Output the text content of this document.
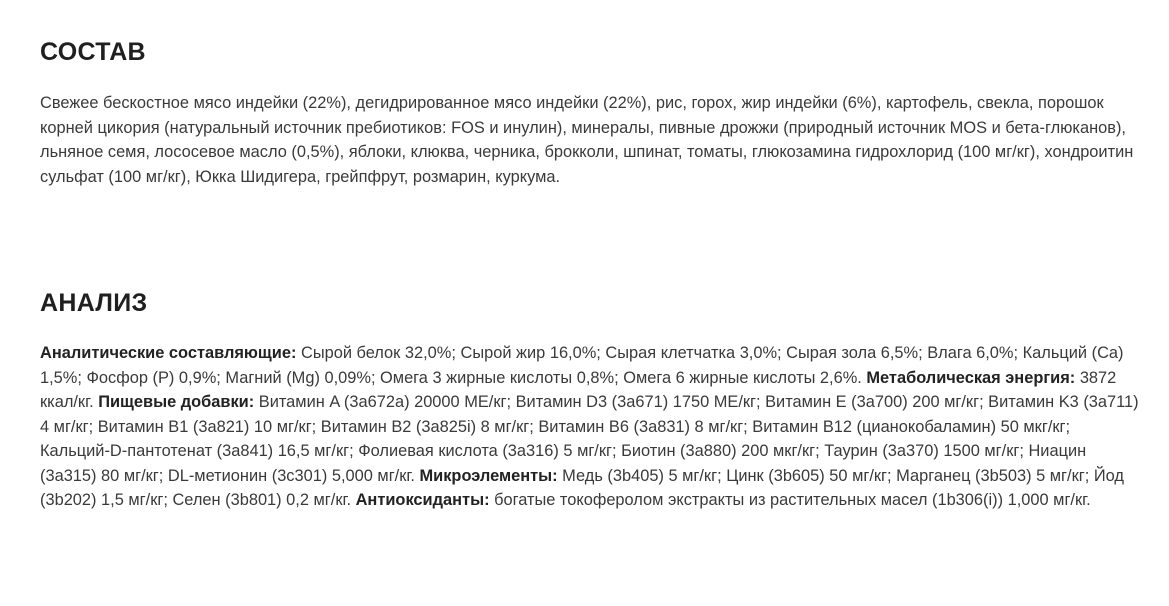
СОСТАВ

Свежее бескостное мясо индейки (22%), дегидрированное мясо индейки (22%), рис, горох, жир индейки (6%), картофель, свекла, порошок корней цикория (натуральный источник пребиотиков: FOS и инулин), минералы, пивные дрожжи (природный источник MOS и бета-глюканов), льняное семя, лососевое масло (0,5%), яблоки, клюква, черника, брокколи, шпинат, томаты, глюкозамина гидрохлорид (100 мг/кг), хондроитин сульфат (100 мг/кг), Юкка Шидигера, грейпфрут, розмарин, куркума.

АНАЛИЗ

Аналитические составляющие: Сырой белок 32,0%; Сырой жир 16,0%; Сырая клетчатка 3,0%; Сырая зола 6,5%; Влага 6,0%; Кальций (Ca) 1,5%; Фосфор (P) 0,9%; Магний (Mg) 0,09%; Омега 3 жирные кислоты 0,8%; Омега 6 жирные кислоты 2,6%. Метаболическая энергия: 3872 ккал/кг. Пищевые добавки: Витамин A (3a672a) 20000 МЕ/кг; Витамин D3 (3a671) 1750 МЕ/кг; Витамин E (3a700) 200 мг/кг; Витамин K3 (3a711) 4 мг/кг; Витамин B1 (3a821) 10 мг/кг; Витамин B2 (3a825i) 8 мг/кг; Витамин B6 (3a831) 8 мг/кг; Витамин B12 (цианокобаламин) 50 мкг/кг; Кальций-D-пантотенат (3a841) 16,5 мг/кг; Фолиевая кислота (3a316) 5 мг/кг; Биотин (3a880) 200 мкг/кг; Таурин (3a370) 1500 мг/кг; Ниацин (3a315) 80 мг/кг; DL-метионин (3c301) 5,000 мг/кг. Микроэлементы: Медь (3b405) 5 мг/кг; Цинк (3b605) 50 мг/кг; Марганец (3b503) 5 мг/кг; Йод (3b202) 1,5 мг/кг; Селен (3b801) 0,2 мг/кг. Антиоксиданты: богатые токоферолом экстракты из растительных масел (1b306(i)) 1,000 мг/кг.
